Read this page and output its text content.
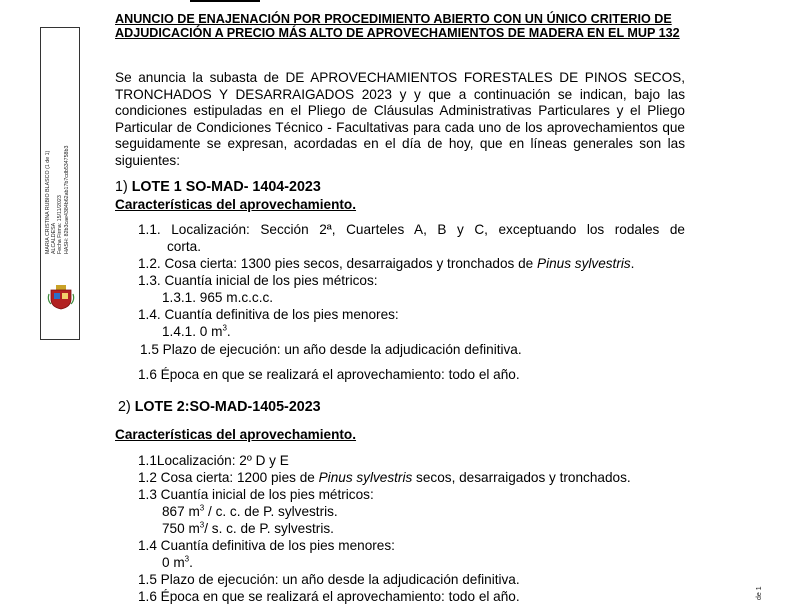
MARIA CRISTINA RUBIO BLASCO (1 de 1) ALCALDESA Fecha Firma: 15/11/2023 HASH: 82b3cae4384b62ab17b7cdb534758b3
de 1

ANUNCIO DE ENAJENACIÓN POR PROCEDIMIENTO ABIERTO CON UN ÚNICO CRITERIO DE ADJUDICACIÓN A PRECIO MÁS ALTO DE APROVECHAMIENTOS DE MADERA EN EL MUP 132

Se anuncia la subasta de DE APROVECHAMIENTOS FORESTALES DE PINOS SECOS, TRONCHADOS Y DESARRAIGADOS 2023 y y que a continuación se indican, bajo las condiciones estipuladas en el Pliego de Cláusulas Administrativas Particulares y el Pliego Particular de Condiciones Técnico - Facultativas para cada uno de los aprovechamientos que seguidamente se expresan, acordadas en el día de hoy, que en líneas generales son las siguientes:

1) LOTE 1 SO-MAD- 1404-2023
Características del aprovechamiento.
1.1. Localización: Sección 2ª, Cuarteles A, B y C, exceptuando los rodales de
corta.
1.2. Cosa cierta: 1300 pies secos, desarraigados y tronchados de Pinus sylvestris.
1.3. Cuantía inicial de los pies métricos:
1.3.1. 965 m.c.c.c.
1.4. Cuantía definitiva de los pies menores:
1.4.1. 0 $m^3$.
1.5 Plazo de ejecución: un año desde la adjudicación definitiva.
1.6 Época en que se realizará el aprovechamiento: todo el año.
2) LOTE 2:SO-MAD-1405-2023
Características del aprovechamiento.
1.1Localización: 2º D y E
1.2 Cosa cierta: 1200 pies de Pinus sylvestris secos, desarraigados y tronchados.
1.3 Cuantía inicial de los pies métricos:
867 $m^3$ / c. c. de P. sylvestris.
750 $m^3/$ s. c. de P. sylvestris.
1.4 Cuantía definitiva de los pies menores:
0 $m^3$.
1.5 Plazo de ejecución: un año desde la adjudicación definitiva.
1.6 Época en que se realizará el aprovechamiento: todo el año.
